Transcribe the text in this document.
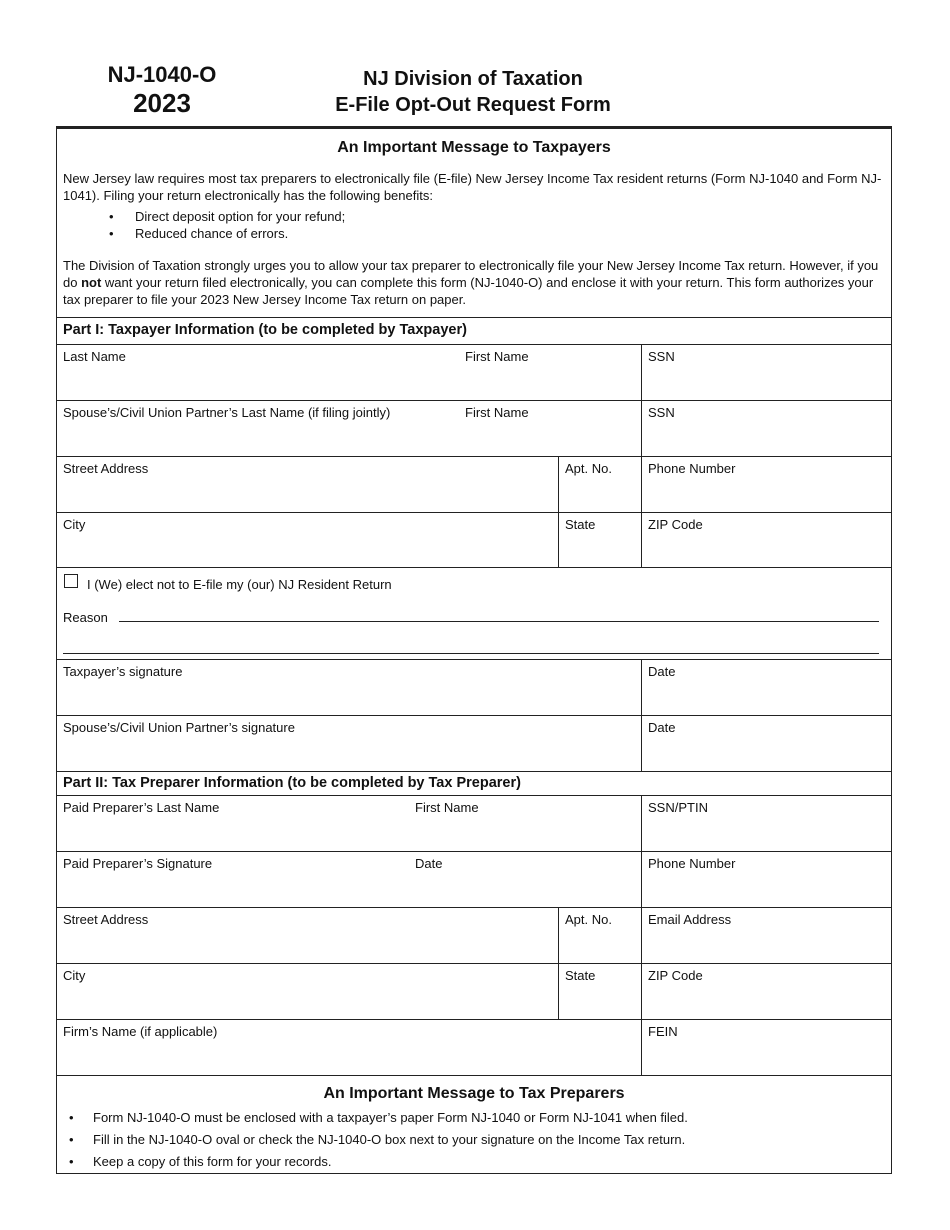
NJ-1040-O
2023
NJ Division of Taxation
E-File Opt-Out Request Form
An Important Message to Taxpayers
New Jersey law requires most tax preparers to electronically file (E-file) New Jersey Income Tax resident returns (Form NJ-1040 and Form NJ-1041). Filing your return electronically has the following benefits:
• Direct deposit option for your refund;
• Reduced chance of errors.
The Division of Taxation strongly urges you to allow your tax preparer to electronically file your New Jersey Income Tax return. However, if you do not want your return filed electronically, you can complete this form (NJ-1040-O) and enclose it with your return. This form authorizes your tax preparer to file your 2023 New Jersey Income Tax return on paper.
Part I: Taxpayer Information (to be completed by Taxpayer)
Last Name	First Name	SSN
Spouse’s/Civil Union Partner’s Last Name (if filing jointly)	First Name	SSN
Street Address	Apt. No.	Phone Number
City	State	ZIP Code
I (We) elect not to E-file my (our) NJ Resident Return
Reason
Taxpayer’s signature	Date
Spouse’s/Civil Union Partner’s signature	Date
Part II: Tax Preparer Information (to be completed by Tax Preparer)
Paid Preparer’s Last Name	First Name	SSN/PTIN
Paid Preparer’s Signature	Date	Phone Number
Street Address	Apt. No.	Email Address
City	State	ZIP Code
Firm’s Name (if applicable)	FEIN
An Important Message to Tax Preparers
• Form NJ-1040-O must be enclosed with a taxpayer’s paper Form NJ-1040 or Form NJ-1041 when filed.
• Fill in the NJ-1040-O oval or check the NJ-1040-O box next to your signature on the Income Tax return.
• Keep a copy of this form for your records.
